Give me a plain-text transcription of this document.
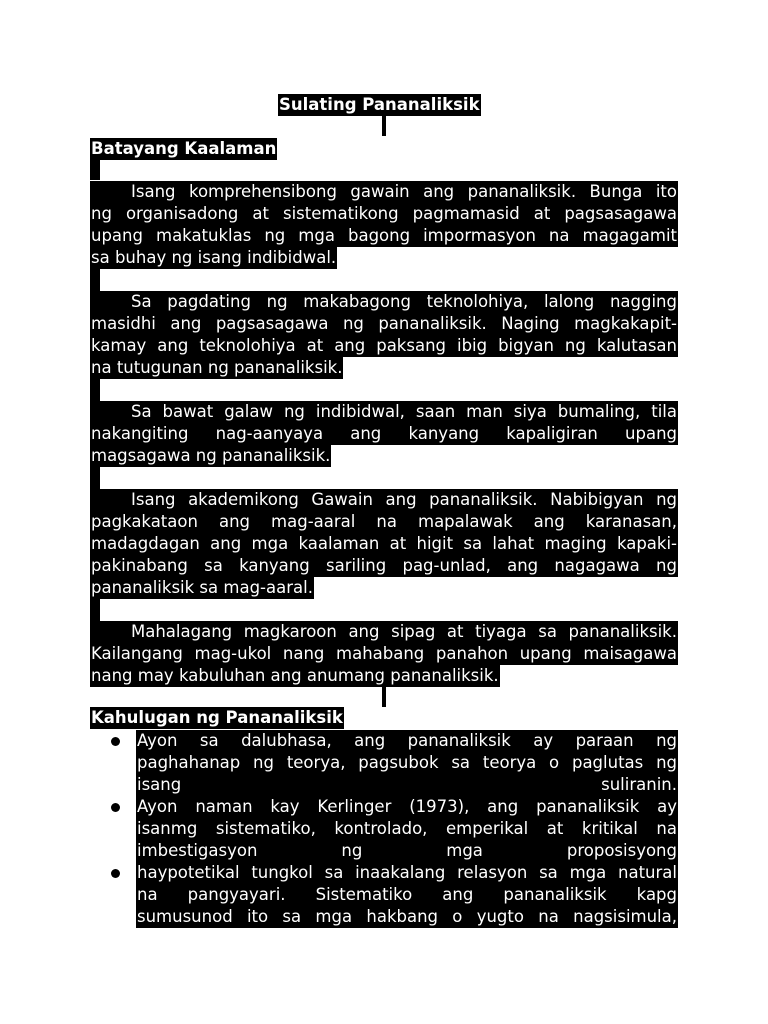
Sulating Pananaliksik
Batayang Kaalaman
Isang komprehensibong gawain ang pananaliksik. Bunga ito
ng organisadong at sistematikong pagmamasid at pagsasagawa
upang makatuklas ng mga bagong impormasyon na magagamit
sa buhay ng isang indibidwal.
Sa pagdating ng makabagong teknolohiya, lalong nagging
masidhi ang pagsasagawa ng pananaliksik. Naging magkakapit-
kamay ang teknolohiya at ang paksang ibig bigyan ng kalutasan
na tutugunan ng pananaliksik.
Sa bawat galaw ng indibidwal, saan man siya bumaling, tila
nakangiting nag-aanyaya ang kanyang kapaligiran upang
magsagawa ng pananaliksik.
Isang akademikong Gawain ang pananaliksik. Nabibigyan ng
pagkakataon ang mag-aaral na mapalawak ang karanasan,
madagdagan ang mga kaalaman at higit sa lahat maging kapaki-
pakinabang sa kanyang sariling pag-unlad, ang nagagawa ng
pananaliksik sa mag-aaral.
Mahalagang magkaroon ang sipag at tiyaga sa pananaliksik.
Kailangang mag-ukol nang mahabang panahon upang maisagawa
nang may kabuluhan ang anumang pananaliksik.
Kahulugan ng Pananaliksik
Ayon sa dalubhasa, ang pananaliksik ay paraan ng
paghahanap ng teorya, pagsubok sa teorya o paglutas ng
isang suliranin.
Ayon naman kay Kerlinger (1973), ang pananaliksik ay
isanmg sistematiko, kontrolado, emperikal at kritikal na
imbestigasyon ng mga proposisyong
haypotetikal tungkol sa inaakalang relasyon sa mga natural
na pangyayari. Sistematiko ang pananaliksik kapg
sumusunod ito sa mga hakbang o yugto na nagsisimula,
